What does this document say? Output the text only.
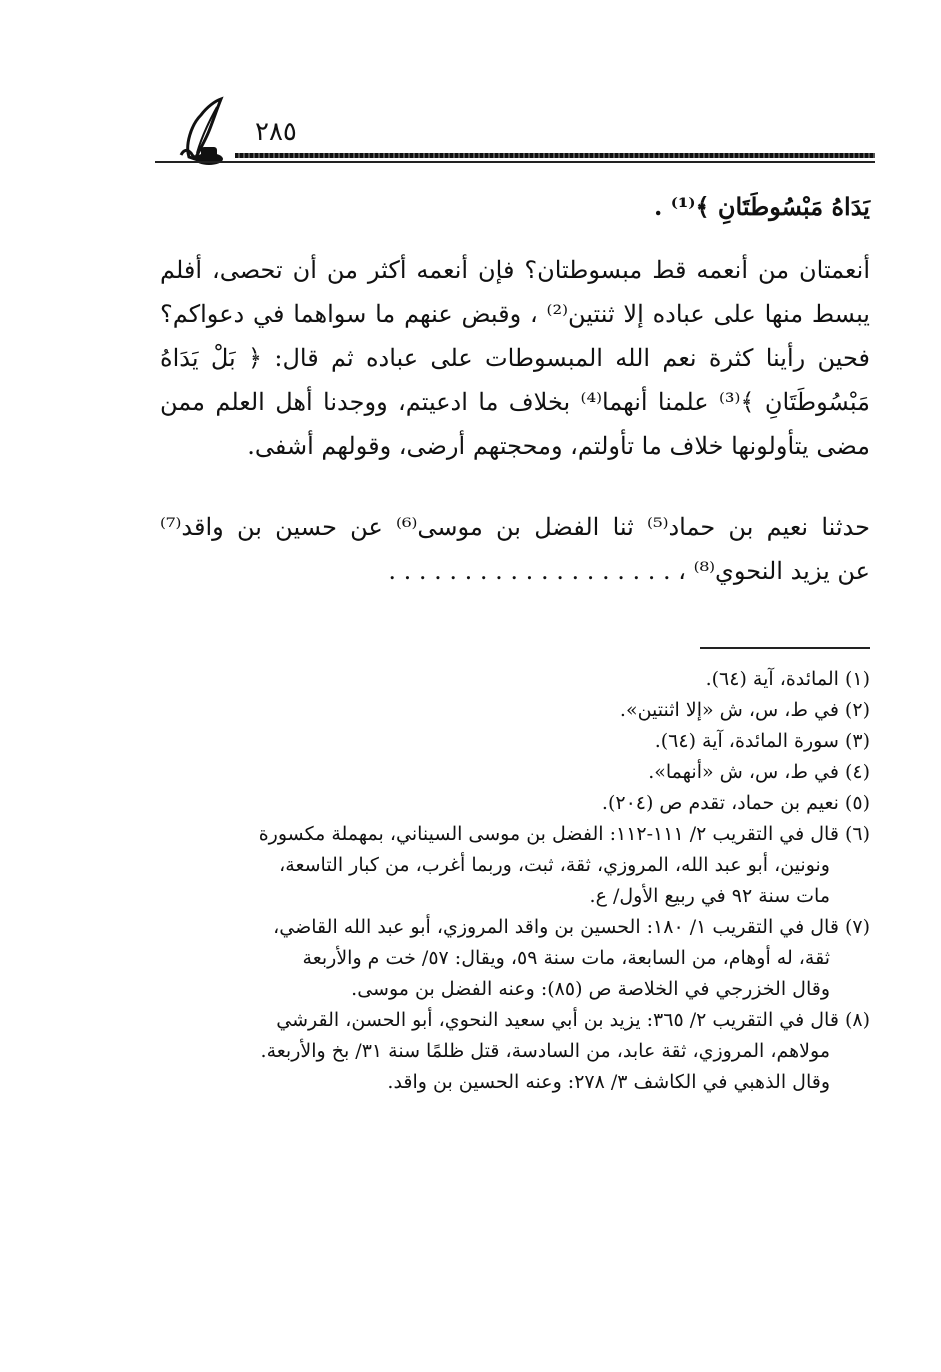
٢٨٥
يَدَاهُ مَبْسُوطَتَانِ ﴾⁽¹⁾ .
أنعمتان من أنعمه قط مبسوطتان؟ فإن أنعمه أكثر من أن تحصى، أفلم
يبسط منها على عباده إلا ثنتين⁽²⁾ ، وقبض عنهم ما سواهما في دعواكم؟
فحين رأينا كثرة نعم الله المبسوطات على عباده ثم قال: ﴿ بَلْ يَدَاهُ
مَبْسُوطَتَانِ ﴾⁽³⁾ علمنا أنهما⁽⁴⁾ بخلاف ما ادعيتم، ووجدنا أهل العلم ممن
مضى يتأولونها خلاف ما تأولتم، ومحجتهم أرضى، وقولهم أشفى.
حدثنا نعيم بن حماد⁽⁵⁾ ثنا الفضل بن موسى⁽⁶⁾ عن حسين بن واقد⁽⁷⁾
عن يزيد النحوي⁽⁸⁾ ، . . . . . . . . . . . . . . . . . . .
(١) المائدة، آية (٦٤).
(٢) في ط، س، ش «إلا اثنتين».
(٣) سورة المائدة، آية (٦٤).
(٤) في ط، س، ش «أنهما».
(٥) نعيم بن حماد، تقدم ص (٢٠٤).
(٦) قال في التقريب ٢/ ١١١-١١٢: الفضل بن موسى السيناني، بمهملة مكسورة
ونونين، أبو عبد الله، المروزي، ثقة، ثبت، وربما أغرب، من كبار التاسعة،
مات سنة ٩٢ في ربيع الأول/ ع.
(٧) قال في التقريب ١/ ١٨٠: الحسين بن واقد المروزي، أبو عبد الله القاضي،
ثقة، له أوهام، من السابعة، مات سنة ٥٩، ويقال: ٥٧/ خت م والأربعة
وقال الخزرجي في الخلاصة ص (٨٥): وعنه الفضل بن موسى.
(٨) قال في التقريب ٢/ ٣٦٥: يزيد بن أبي سعيد النحوي، أبو الحسن، القرشي
مولاهم، المروزي، ثقة عابد، من السادسة، قتل ظلمًا سنة ٣١/ بخ والأربعة.
وقال الذهبي في الكاشف ٣/ ٢٧٨: وعنه الحسين بن واقد.
